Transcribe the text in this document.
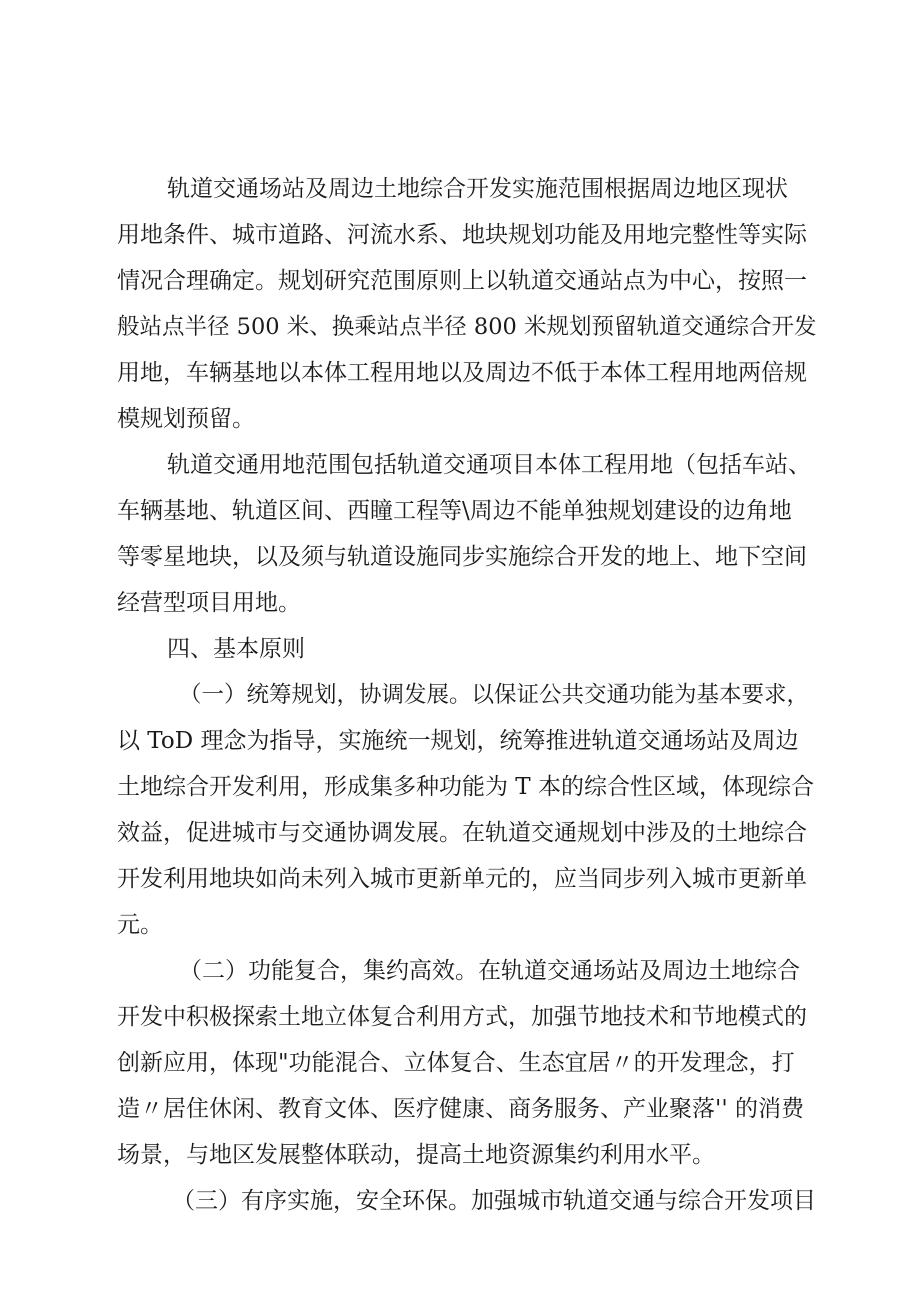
轨道交通场站及周边土地综合开发实施范围根据周边地区现状
用地条件、城市道路、河流水系、地块规划功能及用地完整性等实际
情况合理确定。规划研究范围原则上以轨道交通站点为中心，按照一
般站点半径 500 米、换乘站点半径 800 米规划预留轨道交通综合开发
用地，车辆基地以本体工程用地以及周边不低于本体工程用地两倍规
模规划预留。
轨道交通用地范围包括轨道交通项目本体工程用地（包括车站、
车辆基地、轨道区间、西瞳工程等\周边不能单独规划建设的边角地
等零星地块，以及须与轨道设施同步实施综合开发的地上、地下空间
经营型项目用地。
四、基本原则
（一）统筹规划，协调发展。以保证公共交通功能为基本要求，
以 ToD 理念为指导，实施统一规划，统筹推进轨道交通场站及周边
土地综合开发利用，形成集多种功能为 T 本的综合性区域，体现综合
效益，促进城市与交通协调发展。在轨道交通规划中涉及的土地综合
开发利用地块如尚未列入城市更新单元的，应当同步列入城市更新单
元。
（二）功能复合，集约高效。在轨道交通场站及周边土地综合
开发中积极探索土地立体复合利用方式，加强节地技术和节地模式的
创新应用，体现"功能混合、立体复合、生态宜居〃的开发理念，打
造〃居住休闲、教育文体、医疗健康、商务服务、产业聚落'' 的消费
场景，与地区发展整体联动，提高土地资源集约利用水平。
（三）有序实施，安全环保。加强城市轨道交通与综合开发项目
